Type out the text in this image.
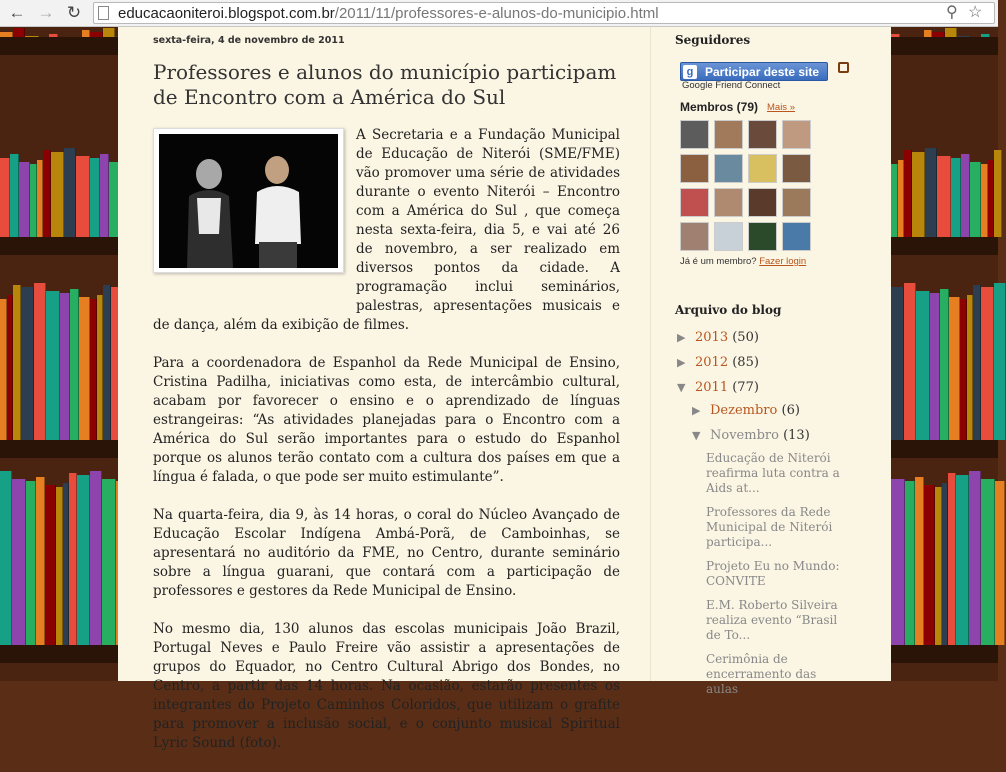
← → ↻ educacaoniteroi.blogspot.com.br/2011/11/professores-e-alunos-do-municipio.html	⚲ ☆
sexta-feira, 4 de novembro de 2011
Professores e alunos do município participam de Encontro com a América do Sul

A Secretaria e a Fundação Municipal de Educação de Niterói (SME/FME) vão promover uma série de atividades durante o evento Niterói – Encontro com a América do Sul , que começa nesta sexta-feira, dia 5, e vai até 26 de novembro, a ser realizado em diversos pontos da cidade. A programação inclui seminários, palestras, apresentações musicais e de dança, além da exibição de filmes.

Para a coordenadora de Espanhol da Rede Municipal de Ensino, Cristina Padilha, iniciativas como esta, de intercâmbio cultural, acabam por favorecer o ensino e o aprendizado de línguas estrangeiras: “As atividades planejadas para o Encontro com a América do Sul serão importantes para o estudo do Espanhol porque os alunos terão contato com a cultura dos países em que a língua é falada, o que pode ser muito estimulante”.

Na quarta-feira, dia 9, às 14 horas, o coral do Núcleo Avançado de Educação Escolar Indígena Ambá-Porã, de Camboinhas, se apresentará no auditório da FME, no Centro, durante seminário sobre a língua guarani, que contará com a participação de professores e gestores da Rede Municipal de Ensino.

No mesmo dia, 130 alunos das escolas municipais João Brazil, Portugal Neves e Paulo Freire vão assistir a apresentações de grupos do Equador, no Centro Cultural Abrigo dos Bondes, no Centro, a partir das 14 horas. Na ocasião, estarão presentes os integrantes do Projeto Caminhos Coloridos, que utilizam o grafite para promover a inclusão social, e o conjunto musical Spiritual Lyric Sound (foto).

Seguidores
g Participar deste site
Google Friend Connect
Membros (79) Mais »
Já é um membro? Fazer login
Arquivo do blog
▶ 2013 (50)
▶ 2012 (85)
▼ 2011 (77)
▶ Dezembro (6)
▼ Novembro (13)
Educação de Niterói reafirma luta contra a Aids at...
Professores da Rede Municipal de Niterói participa...
Projeto Eu no Mundo: CONVITE
E.M. Roberto Silveira realiza evento “Brasil de To...
Cerimônia de encerramento das aulas
